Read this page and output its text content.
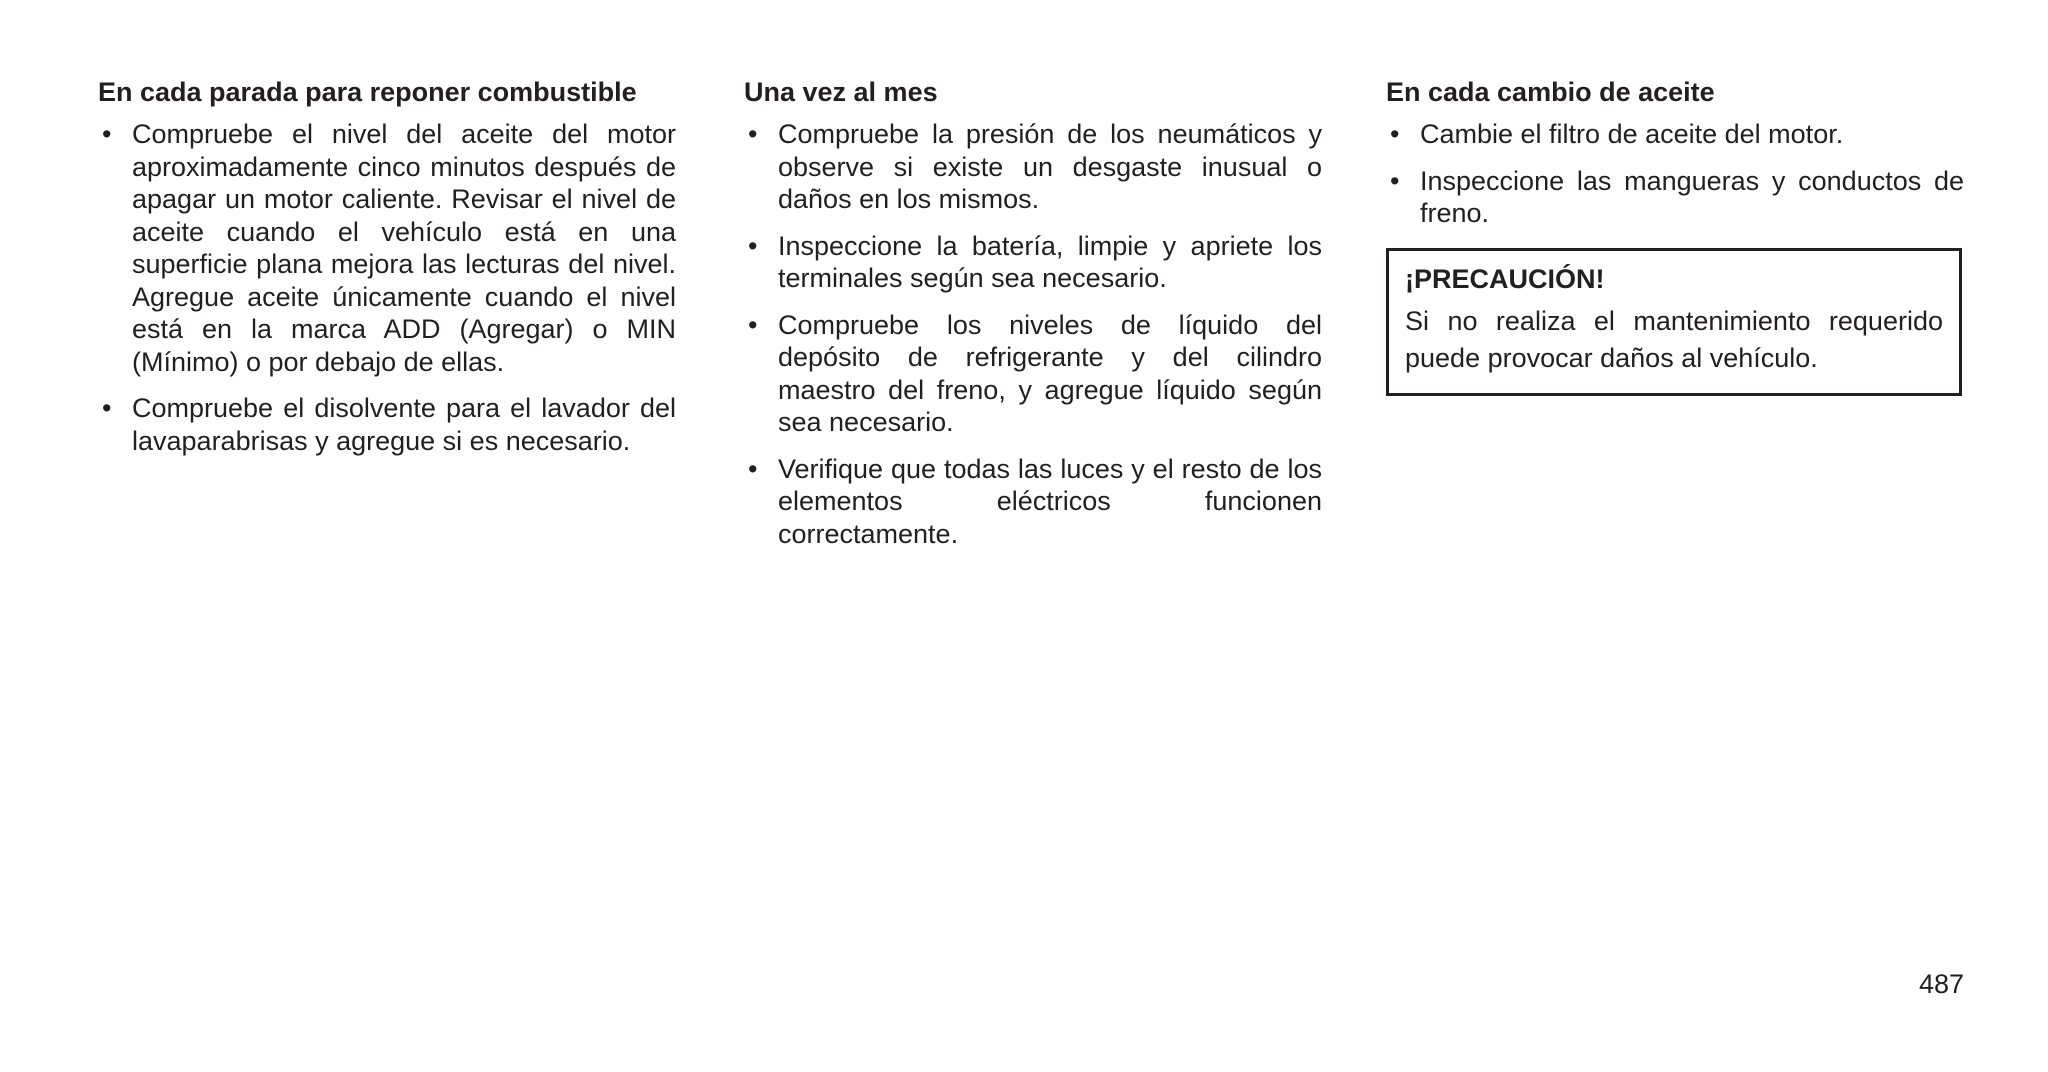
En cada parada para reponer combustible
• Compruebe el nivel del aceite del motor aproximadamente cinco minutos después de apagar un motor caliente. Revisar el nivel de aceite cuando el vehículo está en una superficie plana mejora las lecturas del nivel. Agregue aceite únicamente cuando el nivel está en la marca ADD (Agregar) o MIN (Mínimo) o por debajo de ellas.
• Compruebe el disolvente para el lavador del lavaparabrisas y agregue si es necesario.
Una vez al mes
• Compruebe la presión de los neumáticos y observe si existe un desgaste inusual o daños en los mismos.
• Inspeccione la batería, limpie y apriete los terminales según sea necesario.
• Compruebe los niveles de líquido del depósito de refrigerante y del cilindro maestro del freno, y agregue líquido según sea necesario.
• Verifique que todas las luces y el resto de los elementos eléctricos funcionen correctamente.
En cada cambio de aceite
• Cambie el filtro de aceite del motor.
• Inspeccione las mangueras y conductos de freno.
¡PRECAUCIÓN!
Si no realiza el mantenimiento requerido puede provocar daños al vehículo.
487
